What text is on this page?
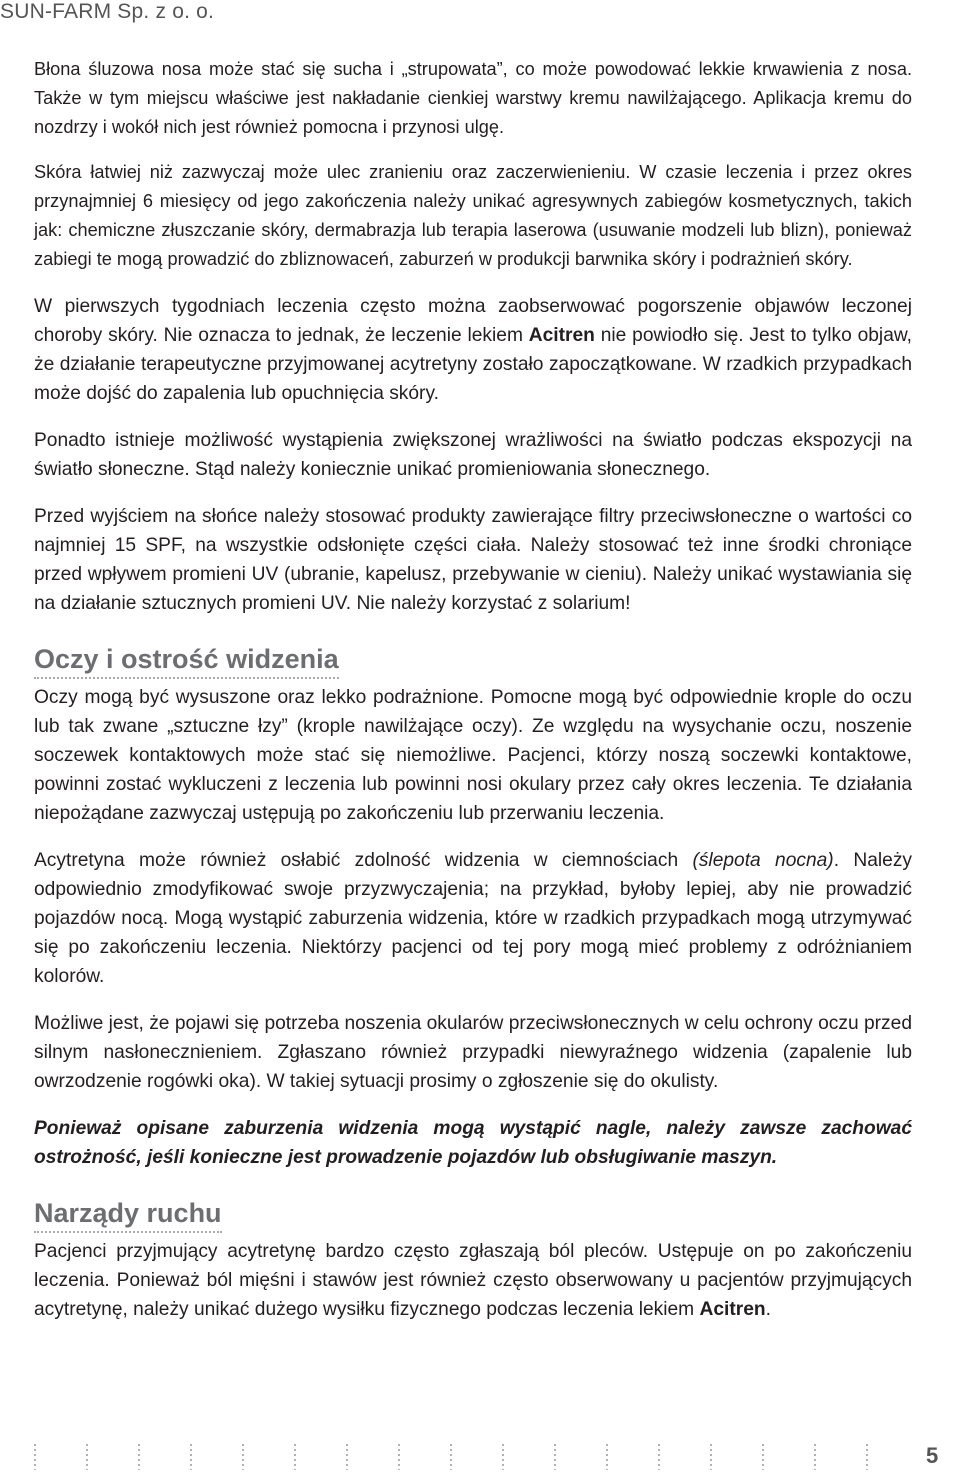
SUN-FARM Sp. z o. o.

Błona śluzowa nosa może stać się sucha i „strupowata”, co może powodować lekkie krwawienia z nosa. Także w tym miejscu właściwe jest nakładanie cienkiej warstwy kremu nawilżającego. Aplikacja kremu do nozdrzy i wokół nich jest również pomocna i przynosi ulgę.

Skóra łatwiej niż zazwyczaj może ulec zranieniu oraz zaczerwienieniu. W czasie leczenia i przez okres przynajmniej 6 miesięcy od jego zakończenia należy unikać agresywnych zabiegów kosmetycznych, takich jak: chemiczne złuszczanie skóry, dermabrazja lub terapia laserowa (usuwanie modzeli lub blizn), ponieważ zabiegi te mogą prowadzić do zbliznowaceń, zaburzeń w produkcji barwnika skóry i podrażnień skóry.

W pierwszych tygodniach leczenia często można zaobserwować pogorszenie objawów leczonej choroby skóry. Nie oznacza to jednak, że leczenie lekiem Acitren nie powiodło się. Jest to tylko objaw, że działanie terapeutyczne przyjmowanej acytretyny zostało zapoczątkowane. W rzadkich przypadkach może dojść do zapalenia lub opuchnięcia skóry.

Ponadto istnieje możliwość wystąpienia zwiększonej wrażliwości na światło podczas ekspozycji na światło słoneczne. Stąd należy koniecznie unikać promieniowania słonecznego.

Przed wyjściem na słońce należy stosować produkty zawierające filtry przeciwsłoneczne o wartości co najmniej 15 SPF, na wszystkie odsłonięte części ciała. Należy stosować też inne środki chroniące przed wpływem promieni UV (ubranie, kapelusz, przebywanie w cieniu). Należy unikać wystawiania się na działanie sztucznych promieni UV. Nie należy korzystać z solarium!

Oczy i ostrość widzenia

Oczy mogą być wysuszone oraz lekko podrażnione. Pomocne mogą być odpowiednie krople do oczu lub tak zwane „sztuczne łzy” (krople nawilżające oczy). Ze względu na wysychanie oczu, noszenie soczewek kontaktowych może stać się niemożliwe. Pacjenci, którzy noszą soczewki kontaktowe, powinni zostać wykluczeni z leczenia lub powinni nosi okulary przez cały okres leczenia. Te działania niepożądane zazwyczaj ustępują po zakończeniu lub przerwaniu leczenia.

Acytretyna może również osłabić zdolność widzenia w ciemnościach (ślepota nocna). Należy odpowiednio zmodyfikować swoje przyzwyczajenia; na przykład, byłoby lepiej, aby nie prowadzić pojazdów nocą. Mogą wystąpić zaburzenia widzenia, które w rzadkich przypadkach mogą utrzymywać się po zakończeniu leczenia. Niektórzy pacjenci od tej pory mogą mieć problemy z odróżnianiem kolorów.

Możliwe jest, że pojawi się potrzeba noszenia okularów przeciwsłonecznych w celu ochrony oczu przed silnym nasłonecznieniem. Zgłaszano również przypadki niewyraźnego widzenia (zapalenie lub owrzodzenie rogówki oka). W takiej sytuacji prosimy o zgłoszenie się do okulisty.

Ponieważ opisane zaburzenia widzenia mogą wystąpić nagle, należy zawsze zachować ostrożność, jeśli konieczne jest prowadzenie pojazdów lub obsługiwanie maszyn.

Narządy ruchu

Pacjenci przyjmujący acytretynę bardzo często zgłaszają ból pleców. Ustępuje on po zakończeniu leczenia. Ponieważ ból mięśni i stawów jest również często obserwowany u pacjentów przyjmujących acytretynę, należy unikać dużego wysiłku fizycznego podczas leczenia lekiem Acitren.

5
